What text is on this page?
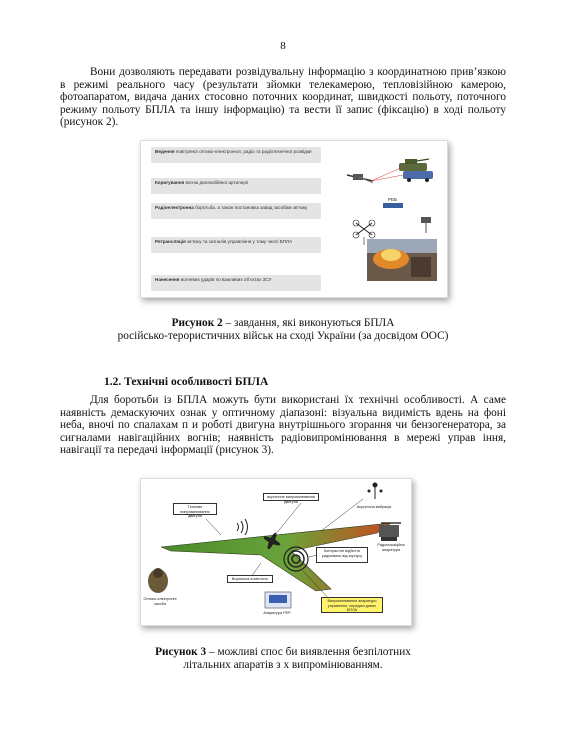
8

Вони дозволяють передавати розвідувальну інформацію з координатною прив’язкою в режимі реального часу (результати зйомки телекамерою, тепловізійною камерою, фотоапаратом, видача даних стосовно поточних координат, швидкості польоту, поточного режиму польоту БПЛА та іншу інформацію) та вести її запис (фіксацію) в ході польоту (рисунок 2).

Ведення повітряної оптико-електронної, радіо та радіотехнічної розвідки
Коригування вогню далекобійної артилерії
Радіоелектронна боротьба, а також постановка завад засобам зв’язку
Ретрансляція зв’язку та сигналів управління у тому числі БПЛА
Нанесення вогневих ударів по важливих об’єктах ЗСУ
РЕБ
Рисунок 2 – завдання, які виконуються БПЛА
російсько-терористичних військ на сході України (за досвідом ООС)
1.2. Технічні особливості БПЛА

Для боротьби із БПЛА можуть бути використані їх технічні особливості. А саме наявність демаскуючих ознак у оптичному діапазоні: візуальна видимість вдень на фоні неба, вночі по спалахам п и роботі двигуна внутрішнього згорання чи бензогенератора, за сигналами навігаційних вогнів; наявність радіовипромінювання в мережі управ іння, навігації та передачі інформації (рисунок 3).

Теплове випромінювання двигуна
акустичне випромінювання двигуна
Акустична вибрація
Контрастне відбиття радіохвиль від корпусу
Радіолокаційна апаратура
Візуальна помітність
Оптико-електронні засоби
Випромінювання апаратури управління, передачі даних БПЛА
Апаратура РЕР
Рисунок 3 – можливі спос би виявлення безпілотних
літальних апаратів з х випромінюванням.
